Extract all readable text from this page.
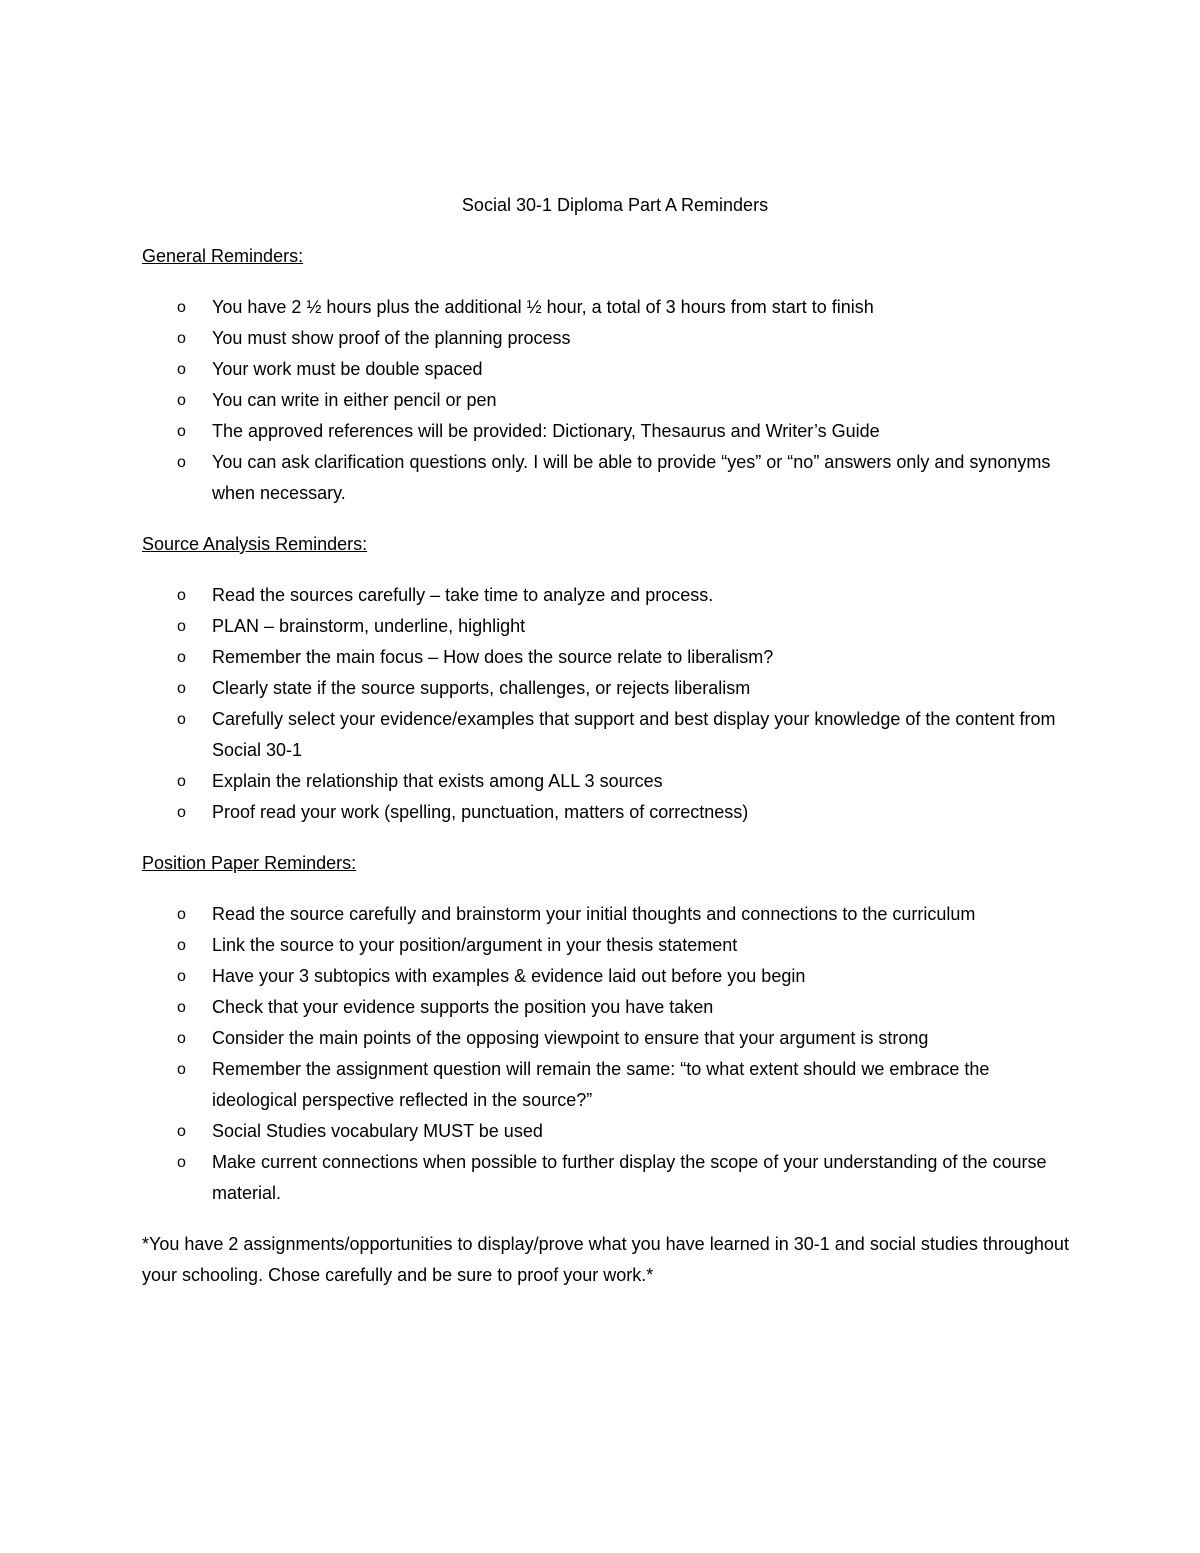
Social 30-1 Diploma Part A Reminders
General Reminders:
o You have 2 ½ hours plus the additional ½ hour, a total of 3 hours from start to finish
o You must show proof of the planning process
o Your work must be double spaced
o You can write in either pencil or pen
o The approved references will be provided: Dictionary, Thesaurus and Writer’s Guide
o You can ask clarification questions only. I will be able to provide “yes” or “no” answers only and synonyms when necessary.
Source Analysis Reminders:
o Read the sources carefully – take time to analyze and process.
o PLAN – brainstorm, underline, highlight
o Remember the main focus – How does the source relate to liberalism?
o Clearly state if the source supports, challenges, or rejects liberalism
o Carefully select your evidence/examples that support and best display your knowledge of the content from Social 30-1
o Explain the relationship that exists among ALL 3 sources
o Proof read your work (spelling, punctuation, matters of correctness)
Position Paper Reminders:
o Read the source carefully and brainstorm your initial thoughts and connections to the curriculum
o Link the source to your position/argument in your thesis statement
o Have your 3 subtopics with examples & evidence laid out before you begin
o Check that your evidence supports the position you have taken
o Consider the main points of the opposing viewpoint to ensure that your argument is strong
o Remember the assignment question will remain the same: “to what extent should we embrace the ideological perspective reflected in the source?”
o Social Studies vocabulary MUST be used
o Make current connections when possible to further display the scope of your understanding of the course material.

*You have 2 assignments/opportunities to display/prove what you have learned in 30-1 and social studies throughout your schooling. Chose carefully and be sure to proof your work.*
